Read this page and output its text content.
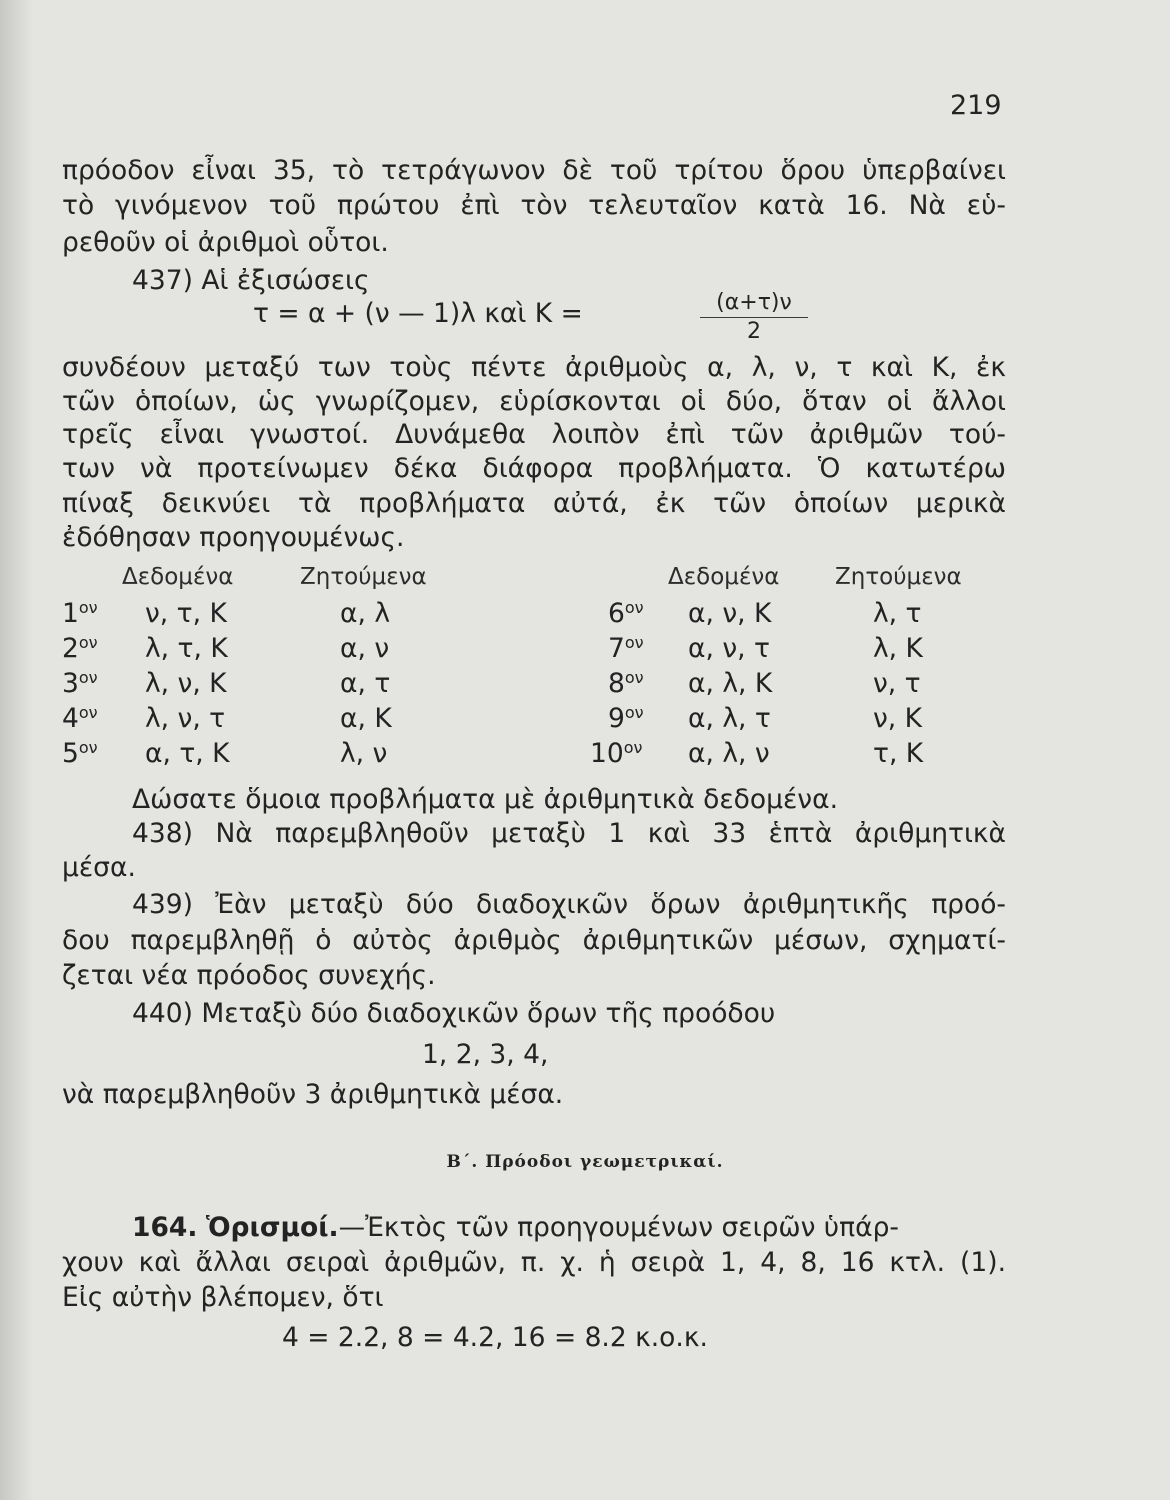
219
πρόοδον εἶναι 35, τὸ τετράγωνον δὲ τοῦ τρίτου ὅρου ὑπερβαίνει
τὸ γινόμενον τοῦ πρώτου ἐπὶ τὸν τελευταῖον κατὰ 16. Νὰ εὑ-
ρεθοῦν οἱ ἀριθμοὶ οὗτοι.
437) Αἱ ἐξισώσεις
τ = α + (ν — 1)λ καὶ Κ =	(α+τ)ν
2
συνδέουν μεταξύ των τοὺς πέντε ἀριθμοὺς α, λ, ν, τ καὶ Κ, ἐκ
τῶν ὁποίων, ὡς γνωρίζομεν, εὑρίσκονται οἱ δύο, ὅταν οἱ ἄλλοι
τρεῖς εἶναι γνωστοί. Δυνάμεθα λοιπὸν ἐπὶ τῶν ἀριθμῶν τού-
των νὰ προτείνωμεν δέκα διάφορα προβλήματα. Ὁ κατωτέρω
πίναξ δεικνύει τὰ προβλήματα αὐτά, ἐκ τῶν ὁποίων μερικὰ
ἐδόθησαν προηγουμένως.
Δεδομένα	Ζητούμενα	Δεδομένα Ζητούμενα
$1^{o\nu}$ ν, τ, Κ	α, λ
$2^{o\nu}$ λ, τ, Κ	α, ν
$3^{o\nu}$ λ, ν, Κ	α, τ
$4^{o\nu}$ λ, ν, τ	α, Κ
$5^{o\nu}$ α, τ, Κ	λ, ν
$6^{o\nu}$ α, ν, Κ	λ, τ
$7^{o\nu}$ α, ν, τ	λ, Κ
$8^{o\nu}$ α, λ, Κ	ν, τ
$9^{o\nu}$ α, λ, τ	ν, Κ
$10^{o\nu}$ α, λ, ν	τ, Κ
Δώσατε ὅμοια προβλήματα μὲ ἀριθμητικὰ δεδομένα.
438) Νὰ παρεμβληθοῦν μεταξὺ 1 καὶ 33 ἑπτὰ ἀριθμητικὰ
μέσα.
439) Ἐὰν μεταξὺ δύο διαδοχικῶν ὅρων ἀριθμητικῆς προό-
δου παρεμβληθῇ ὁ αὐτὸς ἀριθμὸς ἀριθμητικῶν μέσων, σχηματί-
ζεται νέα πρόοδος συνεχής.
440) Μεταξὺ δύο διαδοχικῶν ὅρων τῆς προόδου
1, 2, 3, 4,
νὰ παρεμβληθοῦν 3 ἀριθμητικὰ μέσα.
Β΄. Πρόοδοι γεωμετρικαί.
164. Ὁρισμοί.—Ἐκτὸς τῶν προηγουμένων σειρῶν ὑπάρ-
χουν καὶ ἄλλαι σειραὶ ἀριθμῶν, π. χ. ἡ σειρὰ 1, 4, 8, 16 κτλ. (1).
Εἰς αὐτὴν βλέπομεν, ὅτι
4 = 2.2, 8 = 4.2, 16 = 8.2 κ.ο.κ.
